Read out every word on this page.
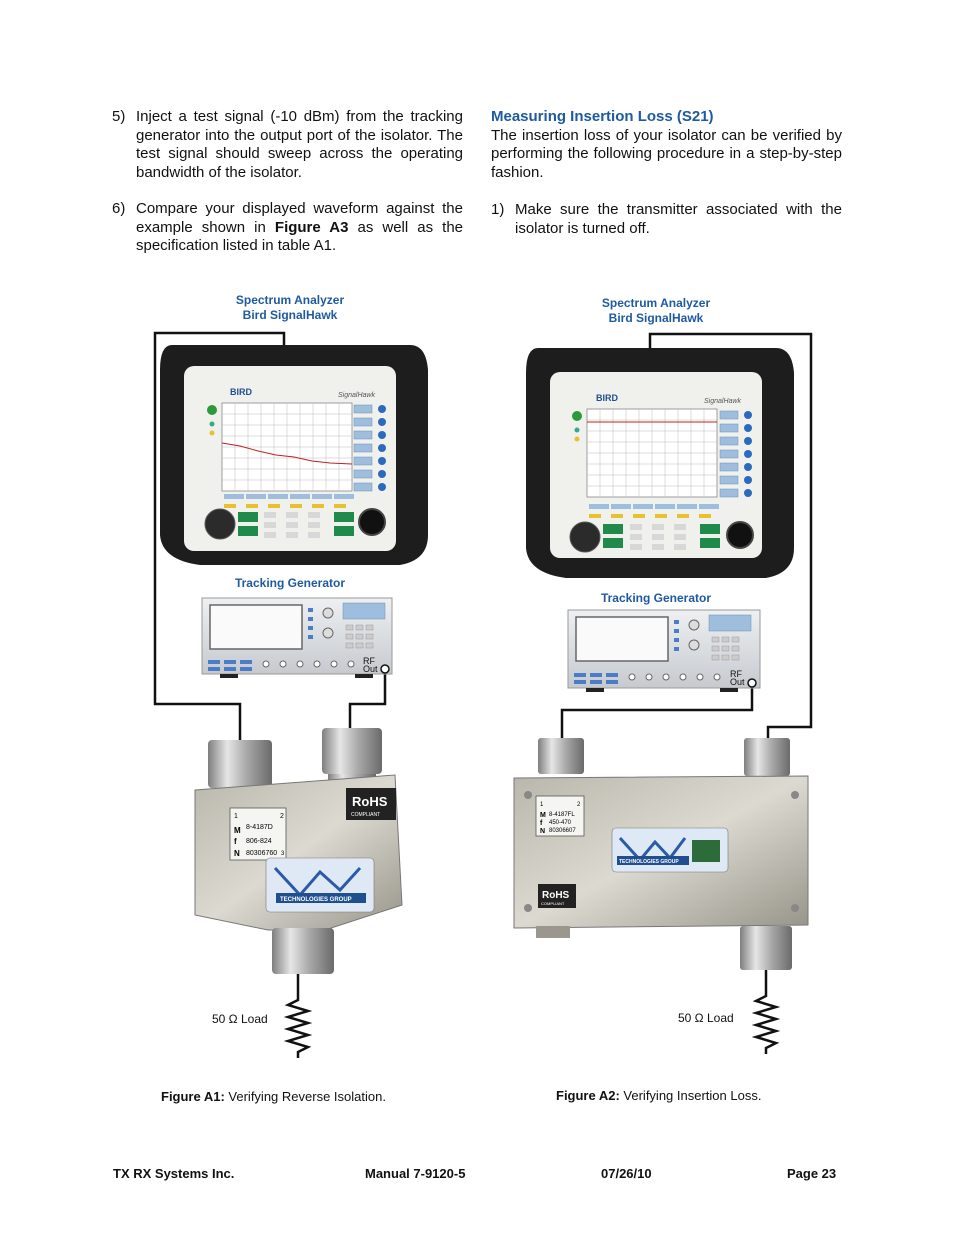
5) Inject a test signal (-10 dBm) from the tracking generator into the output port of the isolator. The test signal should sweep across the operating bandwidth of the isolator.
6) Compare your displayed waveform against the example shown in Figure A3 as well as the specification listed in table A1.
Measuring Insertion Loss (S21)
The insertion loss of your isolator can be verified by performing the following procedure in a step-by-step fashion.
1) Make sure the transmitter associated with the isolator is turned off.
Spectrum Analyzer
Bird SignalHawk
Tracking Generator
Spectrum Analyzer
Bird SignalHawk
Tracking Generator
BIRD	SignalHawk
RF
Out
1	2
M 8-4187D
f 806-824
N 80306760 3
RoHS
COMPLIANT
TECHNOLOGIES GROUP
BIRD	SignalHawk
RF
Out
1	2
M 8-4187FL
f 450-470
N 80306607
TECHNOLOGIES GROUP
RoHS
COMPLIANT
50 Ω Load	50 Ω Load
Figure A1: Verifying Reverse Isolation.	Figure A2: Verifying Insertion Loss.
TX RX Systems Inc.	Manual 7-9120-5	07/26/10	Page 23
